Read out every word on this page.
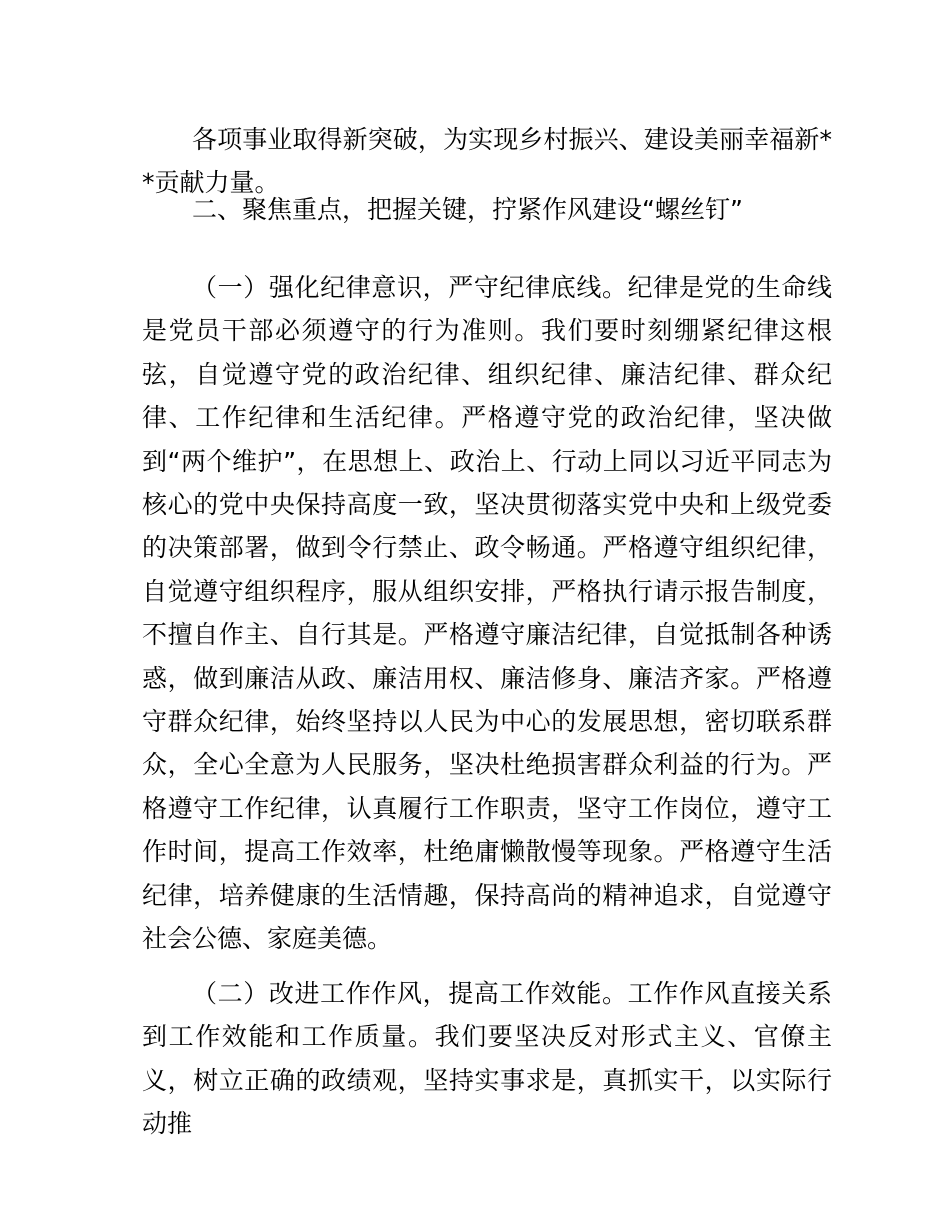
各项事业取得新突破，为实现乡村振兴、建设美丽幸福新**贡献力量。

二、聚焦重点，把握关键，拧紧作风建设“螺丝钉”

（一）强化纪律意识，严守纪律底线。纪律是党的生命线是党员干部必须遵守的行为准则。我们要时刻绷紧纪律这根弦，自觉遵守党的政治纪律、组织纪律、廉洁纪律、群众纪律、工作纪律和生活纪律。严格遵守党的政治纪律，坚决做到“两个维护”，在思想上、政治上、行动上同以习近平同志为核心的党中央保持高度一致，坚决贯彻落实党中央和上级党委的决策部署，做到令行禁止、政令畅通。严格遵守组织纪律，自觉遵守组织程序，服从组织安排，严格执行请示报告制度，不擅自作主、自行其是。严格遵守廉洁纪律，自觉抵制各种诱惑，做到廉洁从政、廉洁用权、廉洁修身、廉洁齐家。严格遵守群众纪律，始终坚持以人民为中心的发展思想，密切联系群众，全心全意为人民服务，坚决杜绝损害群众利益的行为。严格遵守工作纪律，认真履行工作职责，坚守工作岗位，遵守工作时间，提高工作效率，杜绝庸懒散慢等现象。严格遵守生活纪律，培养健康的生活情趣，保持高尚的精神追求，自觉遵守社会公德、家庭美德。

（二）改进工作作风，提高工作效能。工作作风直接关系到工作效能和工作质量。我们要坚决反对形式主义、官僚主义，树立正确的政绩观，坚持实事求是，真抓实干，以实际行动推
